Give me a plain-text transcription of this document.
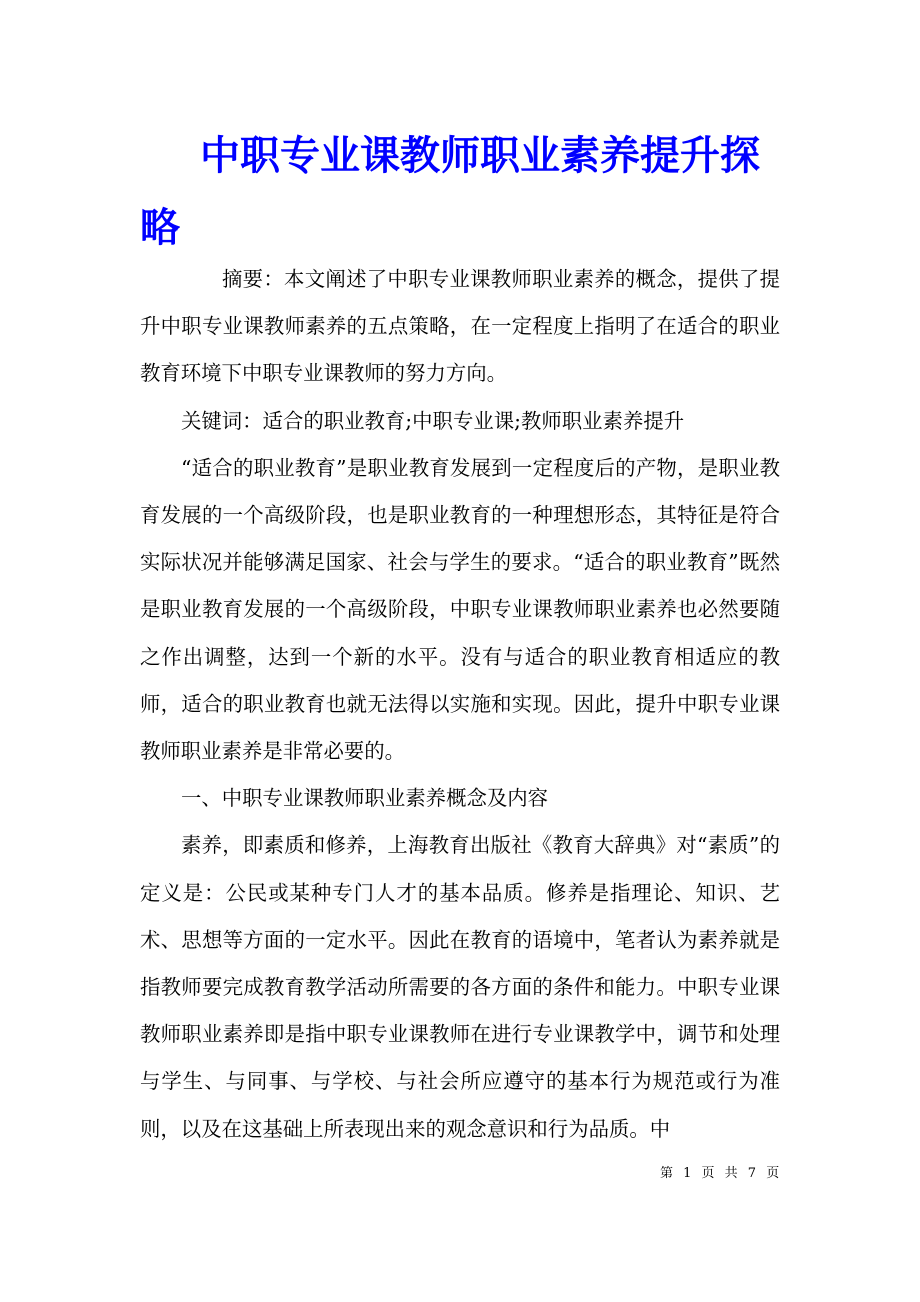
中职专业课教师职业素养提升探略

摘要：本文阐述了中职专业课教师职业素养的概念，提供了提升中职专业课教师素养的五点策略，在一定程度上指明了在适合的职业教育环境下中职专业课教师的努力方向。

关键词：适合的职业教育;中职专业课;教师职业素养提升

“适合的职业教育”是职业教育发展到一定程度后的产物，是职业教育发展的一个高级阶段，也是职业教育的一种理想形态，其特征是符合实际状况并能够满足国家、社会与学生的要求。“适合的职业教育”既然是职业教育发展的一个高级阶段，中职专业课教师职业素养也必然要随之作出调整，达到一个新的水平。没有与适合的职业教育相适应的教师，适合的职业教育也就无法得以实施和实现。因此，提升中职专业课教师职业素养是非常必要的。

一、中职专业课教师职业素养概念及内容

素养，即素质和修养，上海教育出版社《教育大辞典》对“素质”的定义是：公民或某种专门人才的基本品质。修养是指理论、知识、艺术、思想等方面的一定水平。因此在教育的语境中，笔者认为素养就是指教师要完成教育教学活动所需要的各方面的条件和能力。中职专业课教师职业素养即是指中职专业课教师在进行专业课教学中，调节和处理与学生、与同事、与学校、与社会所应遵守的基本行为规范或行为准则，以及在这基础上所表现出来的观念意识和行为品质。中

第 1 页 共 7 页
